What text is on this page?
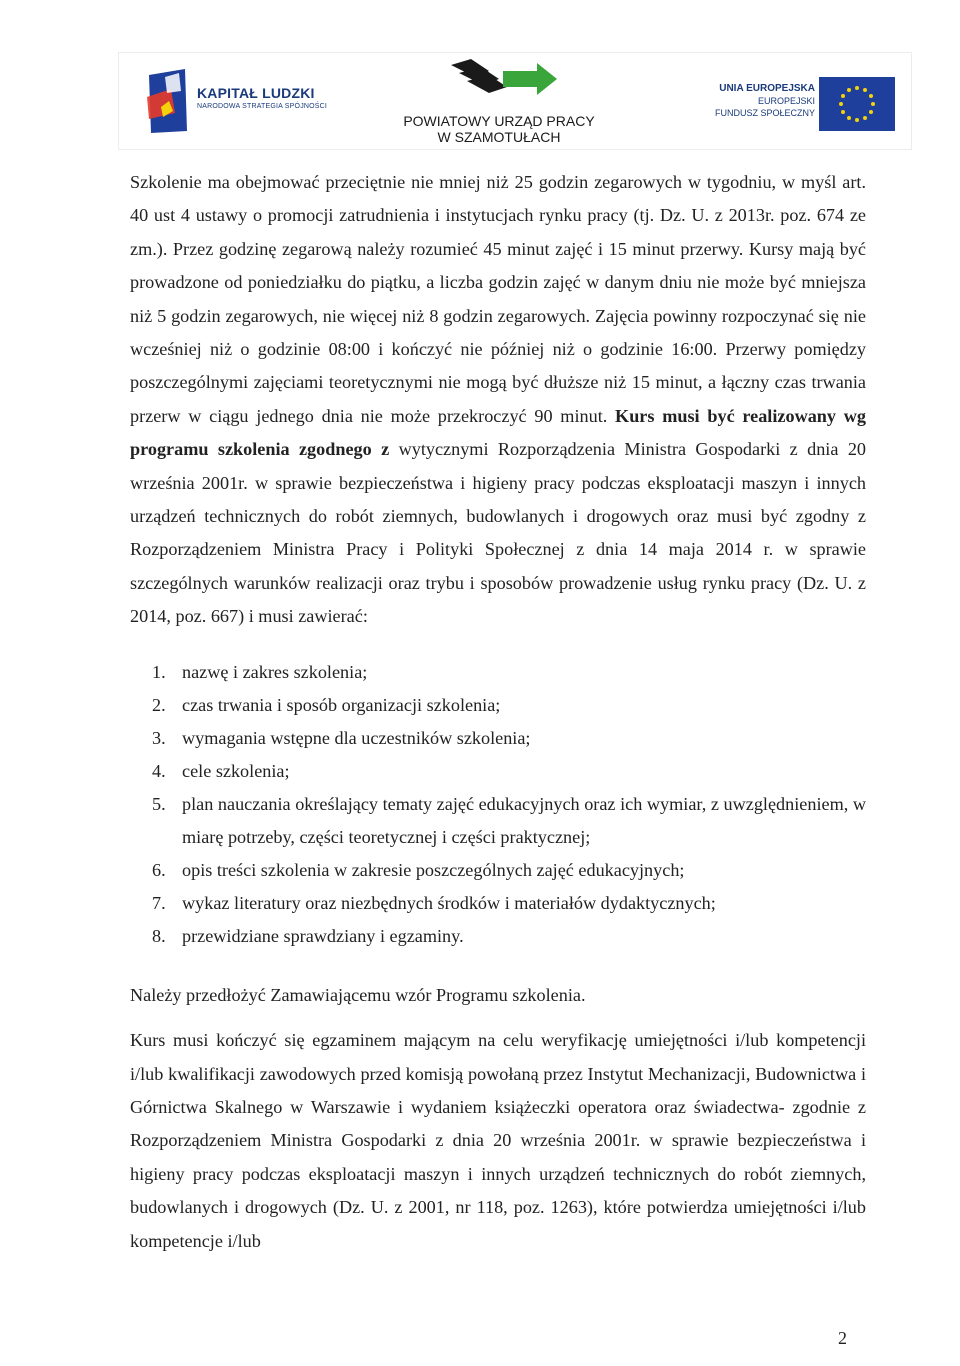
KAPITAŁ LUDZKI
NARODOWA STRATEGIA SPÓJNOŚCI
POWIATOWY URZĄD PRACY
W SZAMOTUŁACH
UNIA EUROPEJSKA
EUROPEJSKI
FUNDUSZ SPOŁECZNY

Szkolenie ma obejmować przeciętnie nie mniej niż 25 godzin zegarowych w tygodniu, w myśl art. 40 ust 4 ustawy o promocji zatrudnienia i instytucjach rynku pracy (tj. Dz. U. z 2013r. poz. 674 ze zm.). Przez godzinę zegarową należy rozumieć 45 minut zajęć i 15 minut przerwy. Kursy mają być prowadzone od poniedziałku do piątku, a liczba godzin zajęć w danym dniu nie może być mniejsza niż 5 godzin zegarowych, nie więcej niż 8 godzin zegarowych. Zajęcia powinny rozpoczynać się nie wcześniej niż o godzinie 08:00 i kończyć nie później niż o godzinie 16:00. Przerwy pomiędzy poszczególnymi zajęciami teoretycznymi nie mogą być dłuższe niż 15 minut, a łączny czas trwania przerw w ciągu jednego dnia nie może przekroczyć 90 minut. Kurs musi być realizowany wg programu szkolenia zgodnego z wytycznymi Rozporządzenia Ministra Gospodarki z dnia 20 września 2001r. w sprawie bezpieczeństwa i higieny pracy podczas eksploatacji maszyn i innych urządzeń technicznych do robót ziemnych, budowlanych i drogowych oraz musi być zgodny z Rozporządzeniem Ministra Pracy i Polityki Społecznej z dnia 14 maja 2014 r. w sprawie szczególnych warunków realizacji oraz trybu i sposobów prowadzenie usług rynku pracy (Dz. U. z 2014, poz. 667) i musi zawierać:

1. nazwę i zakres szkolenia;
2. czas trwania i sposób organizacji szkolenia;
3. wymagania wstępne dla uczestników szkolenia;
4. cele szkolenia;
5. plan nauczania określający tematy zajęć edukacyjnych oraz ich wymiar, z uwzględnieniem, w miarę potrzeby, części teoretycznej i części praktycznej;
6. opis treści szkolenia w zakresie poszczególnych zajęć edukacyjnych;
7. wykaz literatury oraz niezbędnych środków i materiałów dydaktycznych;
8. przewidziane sprawdziany i egzaminy.

Należy przedłożyć Zamawiającemu wzór Programu szkolenia.

Kurs musi kończyć się egzaminem mającym na celu weryfikację umiejętności i/lub kompetencji i/lub kwalifikacji zawodowych przed komisją powołaną przez Instytut Mechanizacji, Budownictwa i Górnictwa Skalnego w Warszawie i wydaniem książeczki operatora oraz świadectwa- zgodnie z Rozporządzeniem Ministra Gospodarki z dnia 20 września 2001r. w sprawie bezpieczeństwa i higieny pracy podczas eksploatacji maszyn i innych urządzeń technicznych do robót ziemnych, budowlanych i drogowych (Dz. U. z 2001, nr 118, poz. 1263), które potwierdza umiejętności i/lub kompetencje i/lub

2
